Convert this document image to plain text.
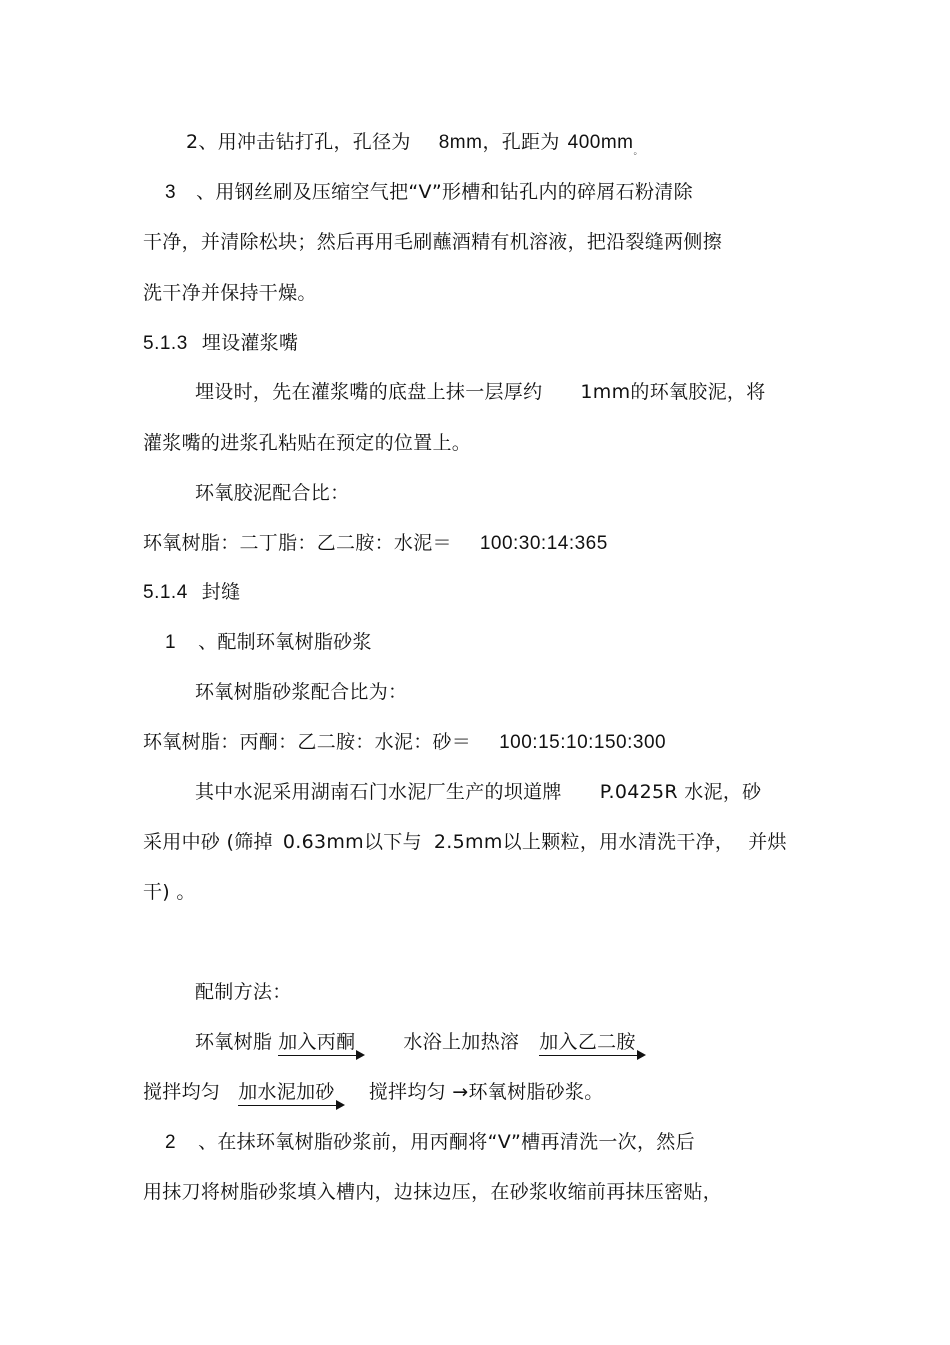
2、用冲击钻打孔，孔径为 8mm，孔距为 $400mm_。$
3 、用钢丝刷及压缩空气把“V”形槽和钻孔内的碎屑石粉清除
干净，并清除松块；然后再用毛刷蘸酒精有机溶液，把沿裂缝两侧擦
洗干净并保持干燥。
5.1.3 埋设灌浆嘴
埋设时，先在灌浆嘴的底盘上抹一层厚约 1mm的环氧胶泥，将
灌浆嘴的进浆孔粘贴在预定的位置上。
环氧胶泥配合比：
环氧树脂：二丁脂：乙二胺：水泥＝ 100:30:14:365
5.1.4 封缝
1 、配制环氧树脂砂浆
环氧树脂砂浆配合比为：
环氧树脂：丙酮：乙二胺：水泥：砂＝ 100:15:10:150:300
其中水泥采用湖南石门水泥厂生产的坝道牌 P.0425R 水泥，砂
采用中砂 (筛掉 0.63mm以下与 2.5mm以上颗粒，用水清洗干净， 并烘
干) 。
配制方法：
环氧树脂 加入丙酮	水浴上加热溶 加入乙二胺
搅拌均匀 加水泥加砂 搅拌均匀 →环氧树脂砂浆。
2 、在抹环氧树脂砂浆前，用丙酮将“V”槽再清洗一次，然后
用抹刀将树脂砂浆填入槽内，边抹边压，在砂浆收缩前再抹压密贴，
